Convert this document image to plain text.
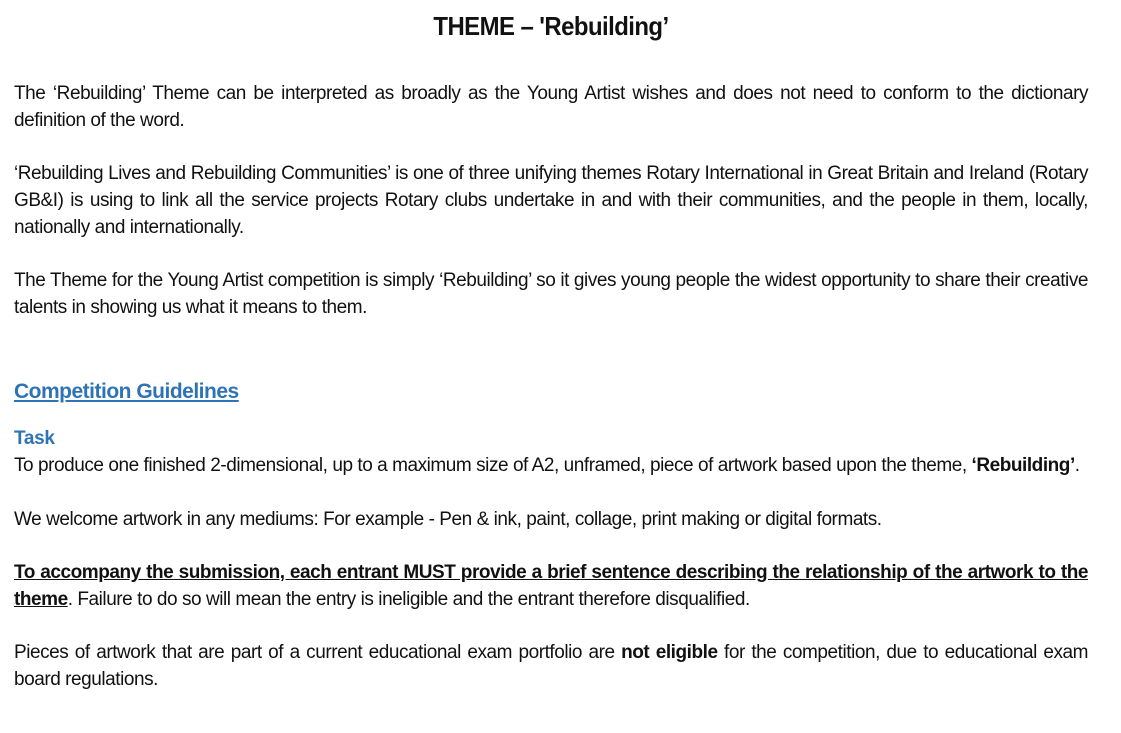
THEME – 'Rebuilding’

The ‘Rebuilding’ Theme can be interpreted as broadly as the Young Artist wishes and does not need to conform to the dictionary definition of the word.

‘Rebuilding Lives and Rebuilding Communities’ is one of three unifying themes Rotary International in Great Britain and Ireland (Rotary GB&I) is using to link all the service projects Rotary clubs undertake in and with their communities, and the people in them, locally, nationally and internationally.

The Theme for the Young Artist competition is simply ‘Rebuilding’ so it gives young people the widest opportunity to share their creative talents in showing us what it means to them.

Competition Guidelines
Task

To produce one finished 2-dimensional, up to a maximum size of A2, unframed, piece of artwork based upon the theme, ‘Rebuilding’.

We welcome artwork in any mediums: For example - Pen & ink, paint, collage, print making or digital formats.

To accompany the submission, each entrant MUST provide a brief sentence describing the relationship of the artwork to the theme. Failure to do so will mean the entry is ineligible and the entrant therefore disqualified.

Pieces of artwork that are part of a current educational exam portfolio are not eligible for the competition, due to educational exam board regulations.
